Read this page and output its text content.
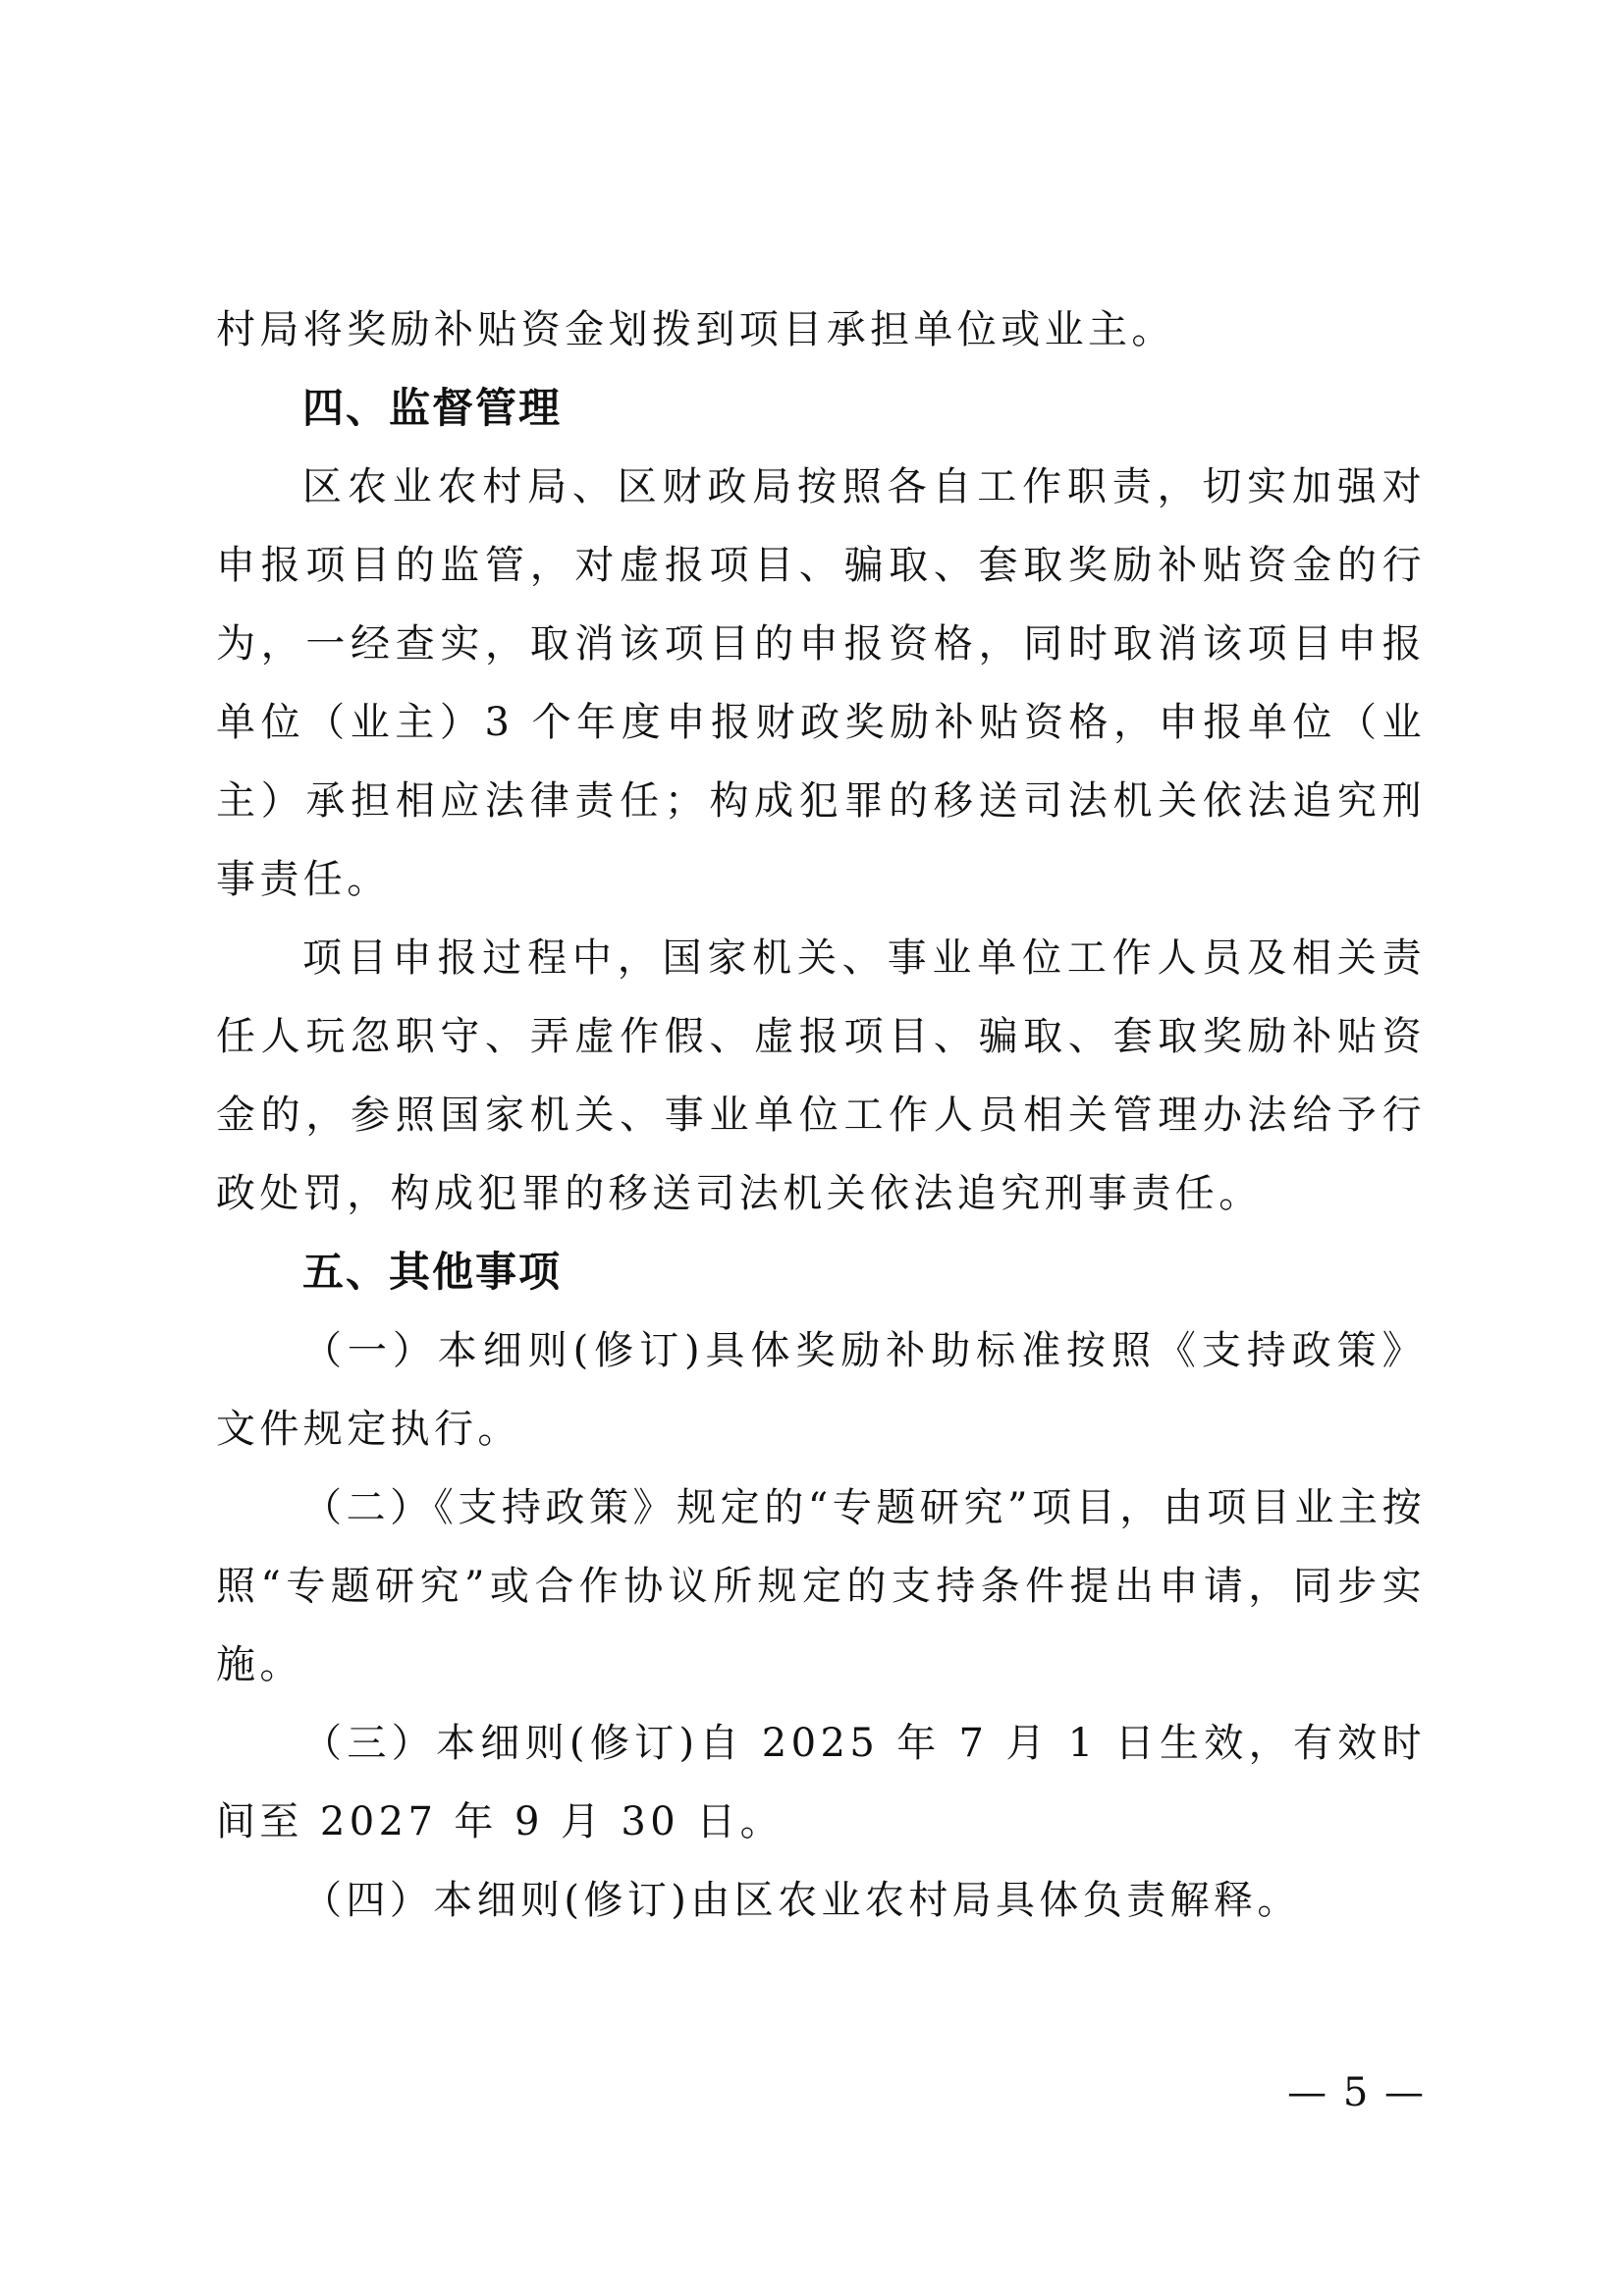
村局将奖励补贴资金划拨到项目承担单位或业主。

四、监督管理

区农业农村局、区财政局按照各自工作职责，切实加强对申报项目的监管，对虚报项目、骗取、套取奖励补贴资金的行为，一经查实，取消该项目的申报资格，同时取消该项目申报单位（业主）3 个年度申报财政奖励补贴资格，申报单位（业主）承担相应法律责任；构成犯罪的移送司法机关依法追究刑事责任。

项目申报过程中，国家机关、事业单位工作人员及相关责任人玩忽职守、弄虚作假、虚报项目、骗取、套取奖励补贴资金的，参照国家机关、事业单位工作人员相关管理办法给予行政处罚，构成犯罪的移送司法机关依法追究刑事责任。

五、其他事项

（一）本细则(修订)具体奖励补助标准按照《支持政策》文件规定执行。

（二）《支持政策》规定的“专题研究”项目，由项目业主按照“专题研究”或合作协议所规定的支持条件提出申请，同步实施。

（三）本细则(修订)自 2025 年 7 月 1 日生效，有效时间至 2027 年 9 月 30 日。

（四）本细则(修订)由区农业农村局具体负责解释。

— 5 —
